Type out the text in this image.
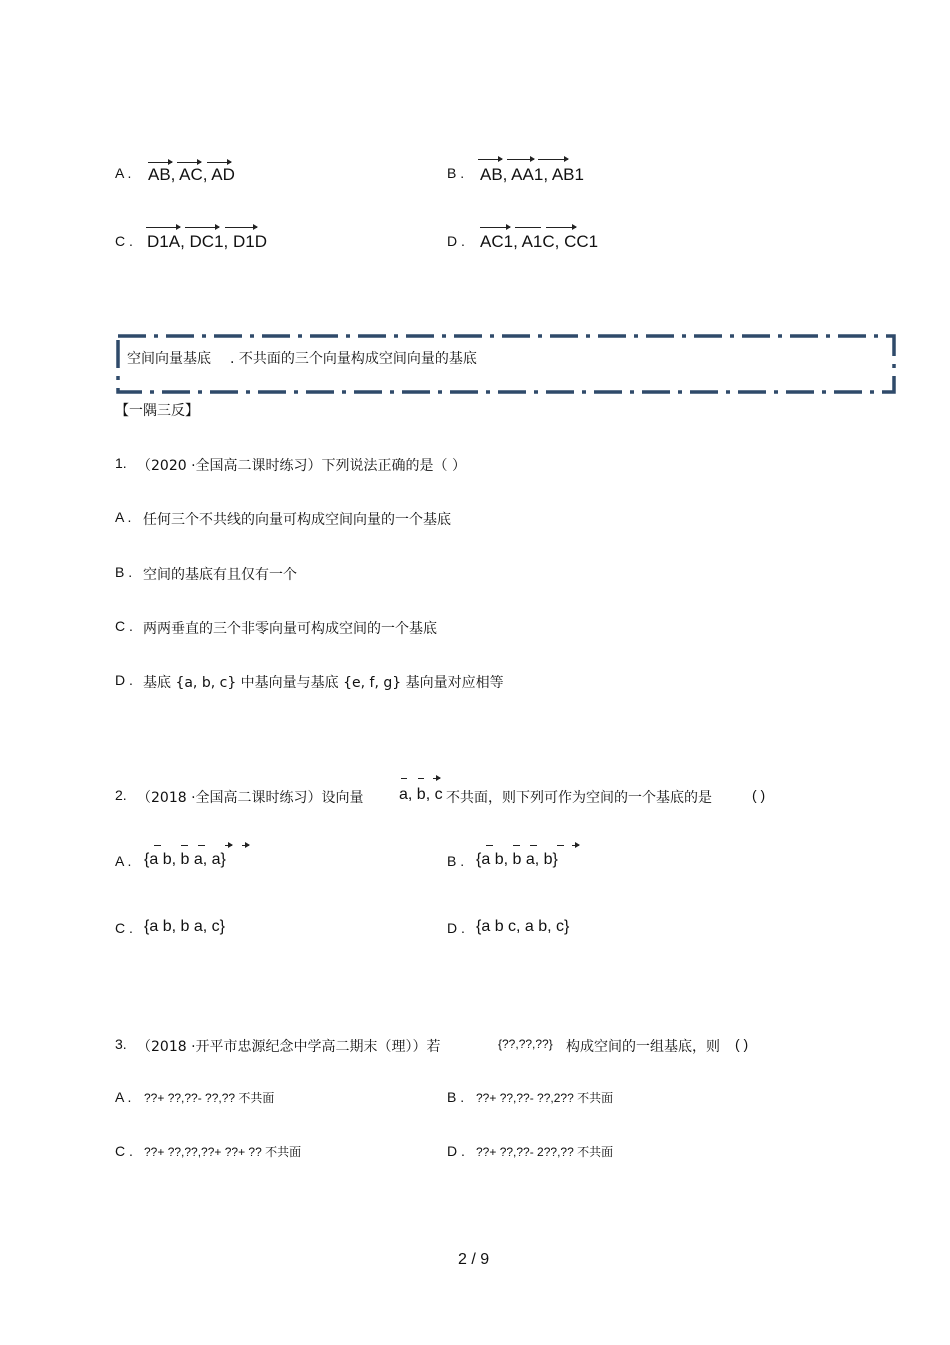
A . AB, AC, AD	B . AB, AA1, AB1
C . D1A, DC1, D1D	D . AC1, A1C, CC1
空间向量基底 . 不共面的三个向量构成空间向量的基底
【一隅三反】
1. （2020 ·全国高二课时练习）下列说法正确的是（ ）
A . 任何三个不共线的向量可构成空间向量的一个基底
B . 空间的基底有且仅有一个
C . 两两垂直的三个非零向量可构成空间的一个基底
D . 基底 {a, b, c} 中基向量与基底 {e, f, g} 基向量对应相等
2. （2018 ·全国高二课时练习）设向量 a, b, c 不共面，则下列可作为空间的一个基底的是	( )
A . {a b, b a, a}	B . {a b, b a, b}
C . {a b, b a, c}	D . {a b c, a b, c}
3. （2018 ·开平市忠源纪念中学高二期末（理））若	{??,??,??} 构成空间的一组基底，则 ( )
A . ??+ ??,??- ??,?? 不共面	B . ??+ ??,??- ??,2?? 不共面
C . ??+ ??,??,??+ ??+ ?? 不共面	D . ??+ ??,??- 2??,?? 不共面
2 / 9
